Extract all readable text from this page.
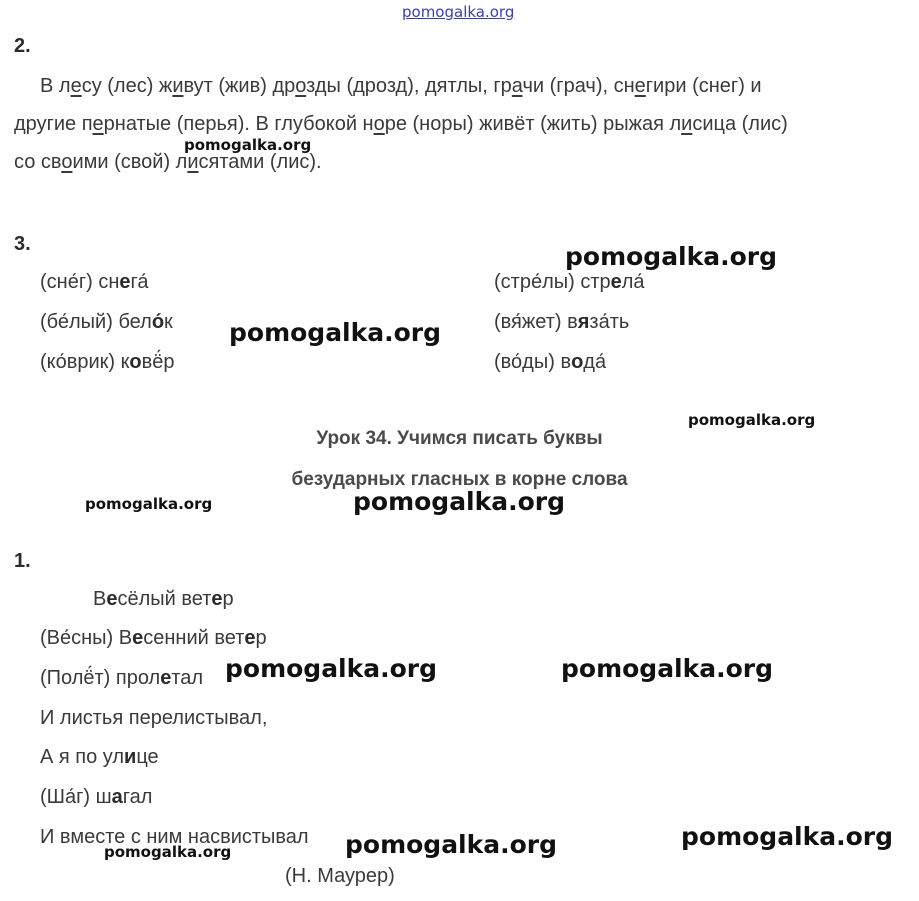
pomogalka.org
2.

В лесу (лес) живут (жив) дрозды (дрозд), дятлы, грачи (грач), снегири (снег) и

другие пернатые (перья). В глубокой норе (норы) живёт (жить) рыжая лисица (лис)

со своими (свой) лисятами (лис).

3.
(сне́г) снега́
(бе́лый) бело́к
(ко́врик) ковё́р
(стре́лы) стрела́
(вя́жет) вяза́ть
(во́ды) вода́
Урок 34. Учимся писать буквы
безударных гласных в корне слова
1.
Весёлый ветер
(Ве́сны) Весенний ветер
(Полё́т) пролетал
И листья перелистывал,
А я по улице
(Ша́г) шагал
И вместе с ним насвистывал
(Н. Маурер)
pomogalka.org
pomogalka.org
pomogalka.org
pomogalka.org
pomogalka.org	pomogalka.org
pomogalka.org	pomogalka.org
pomogalka.org	pomogalka.org
pomogalka.org
